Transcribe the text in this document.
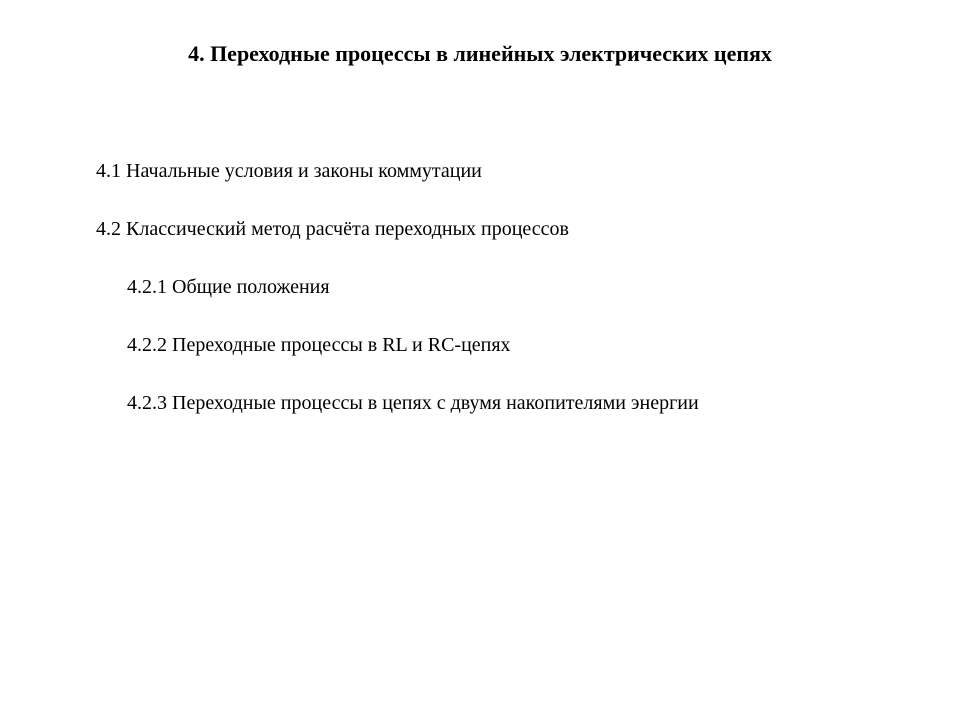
4. Переходные процессы в линейных электрических цепях
4.1 Начальные условия и законы коммутации
4.2 Классический метод расчёта переходных процессов
4.2.1 Общие положения
4.2.2 Переходные процессы в RL и RC-цепях
4.2.3 Переходные процессы в цепях с двумя накопителями энергии
